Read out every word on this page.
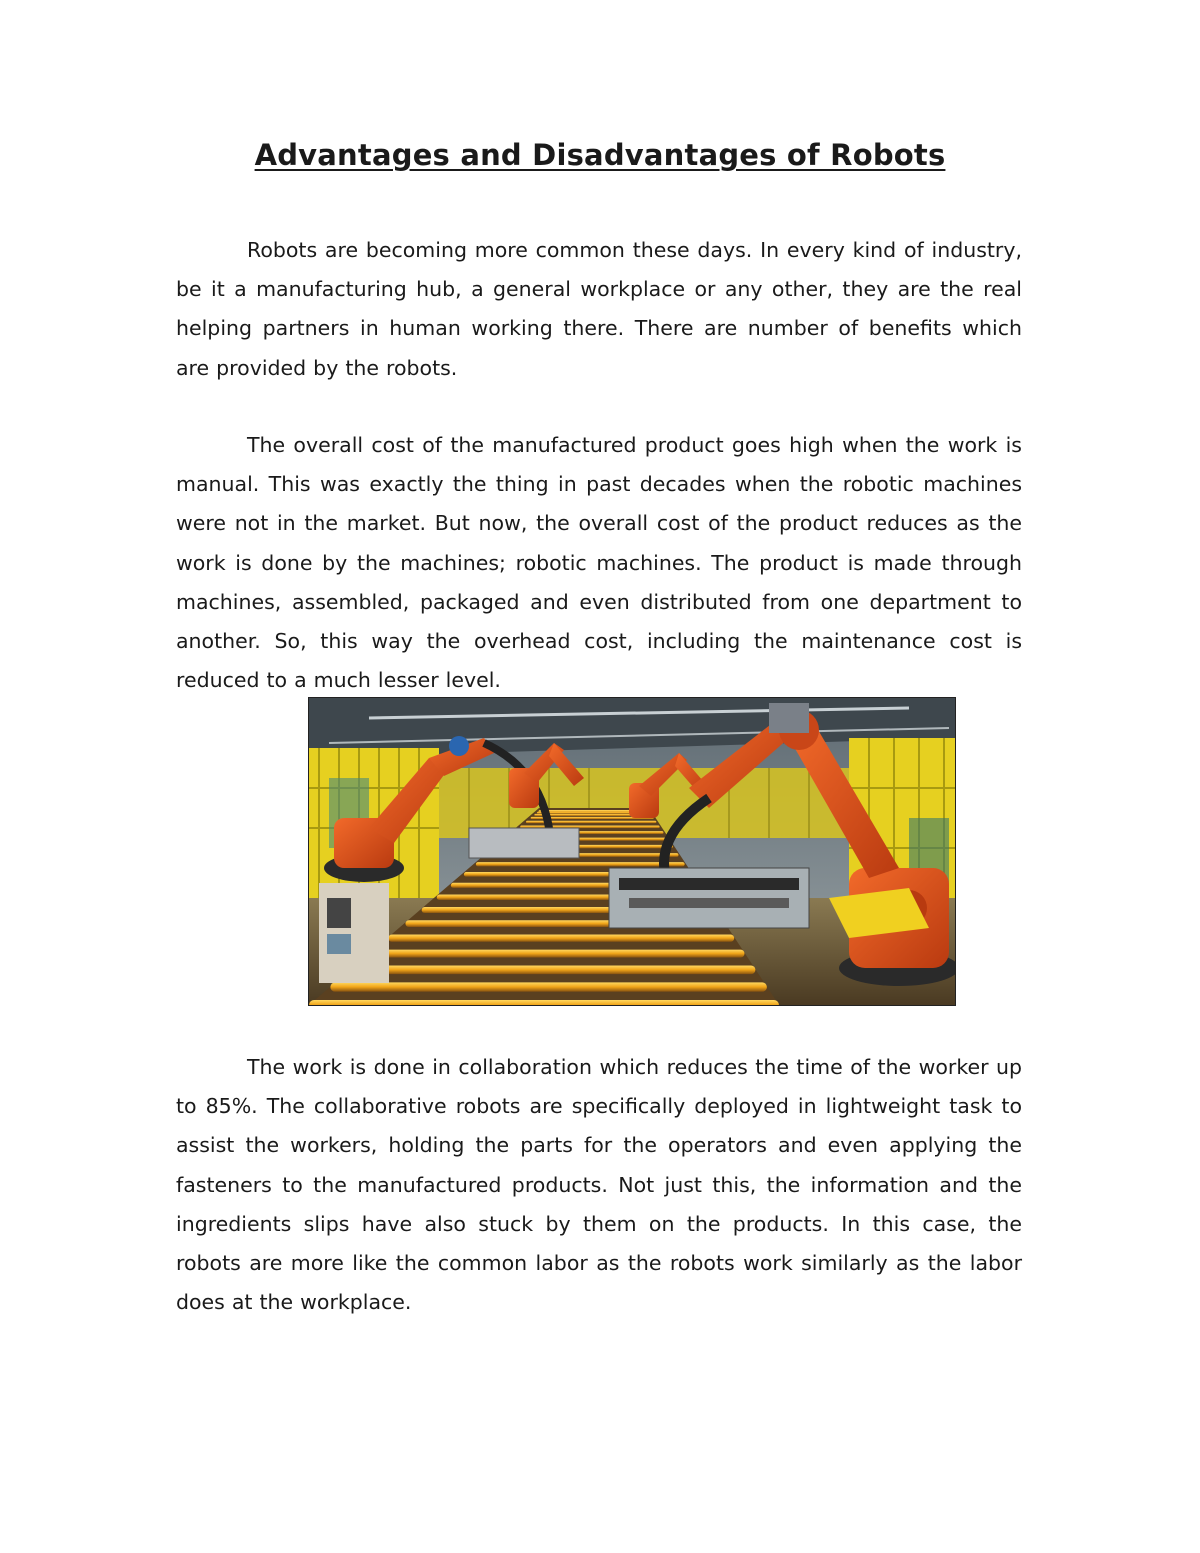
Advantages and Disadvantages of Robots

Robots are becoming more common these days. In every kind of industry, be it a manufacturing hub, a general workplace or any other, they are the real helping partners in human working there. There are number of benefits which are provided by the robots.

The overall cost of the manufactured product goes high when the work is manual. This was exactly the thing in past decades when the robotic machines were not in the market. But now, the overall cost of the product reduces as the work is done by the machines; robotic machines. The product is made through machines, assembled, packaged and even distributed from one department to another. So, this way the overhead cost, including the maintenance cost is reduced to a much lesser level.

The work is done in collaboration which reduces the time of the worker up to 85%. The collaborative robots are specifically deployed in lightweight task to assist the workers, holding the parts for the operators and even applying the fasteners to the manufactured products. Not just this, the information and the ingredients slips have also stuck by them on the products. In this case, the robots are more like the common labor as the robots work similarly as the labor does at the workplace.
